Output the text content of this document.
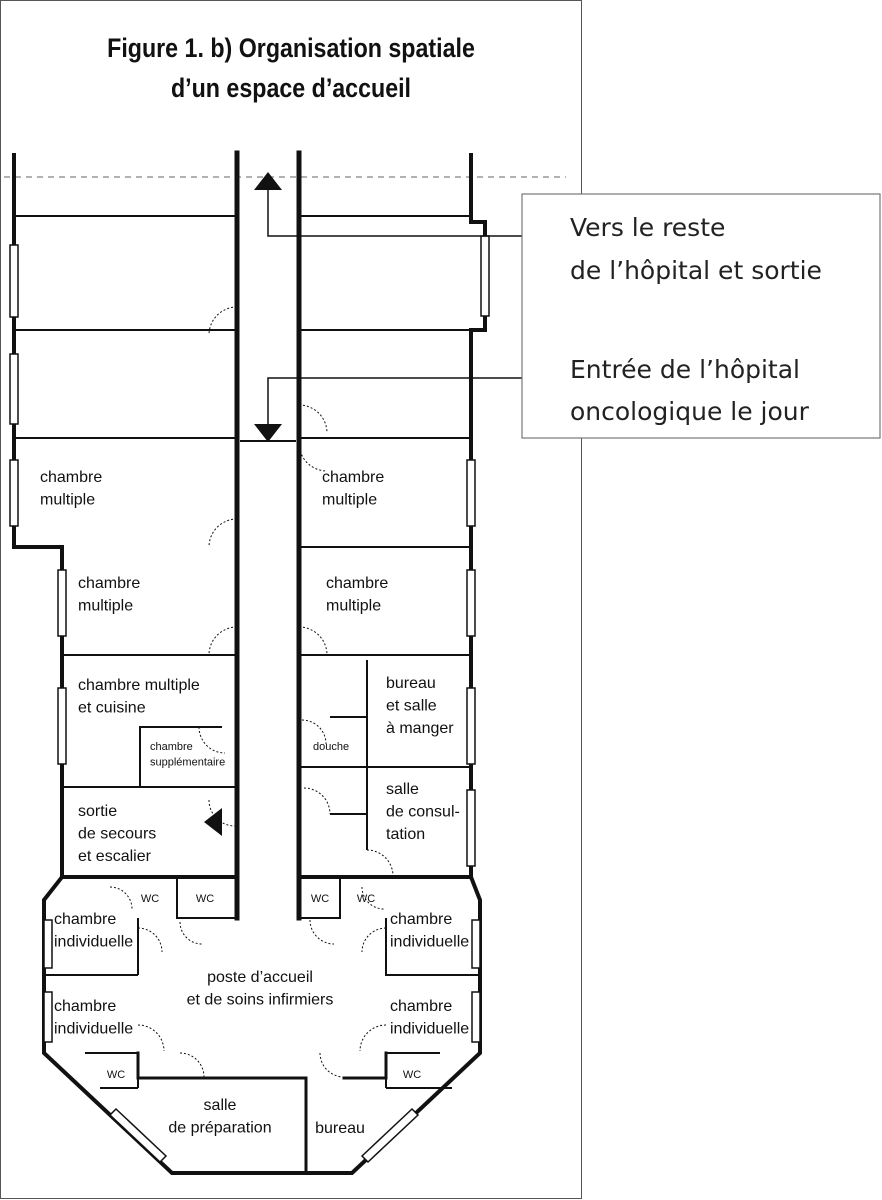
Figure 1. b) Organisation spatiale
d’un espace d’accueil
Vers le reste
de l’hôpital et sortie
Entrée de l’hôpital
oncologique le jour
chambre multiple
chambre multiple
chambre multiple
chambre multiple
chambre multiple et cuisine
chambre supplémentaire
bureau et salle à manger
douche
salle de consul-tation
sortie de secours et escalier
WC	WC	WC	WC
WC	WC
chambre individuelle
chambre individuelle
chambre individuelle
chambre individuelle
poste d’accueil et de soins infirmiers
salle de préparation	bureau
